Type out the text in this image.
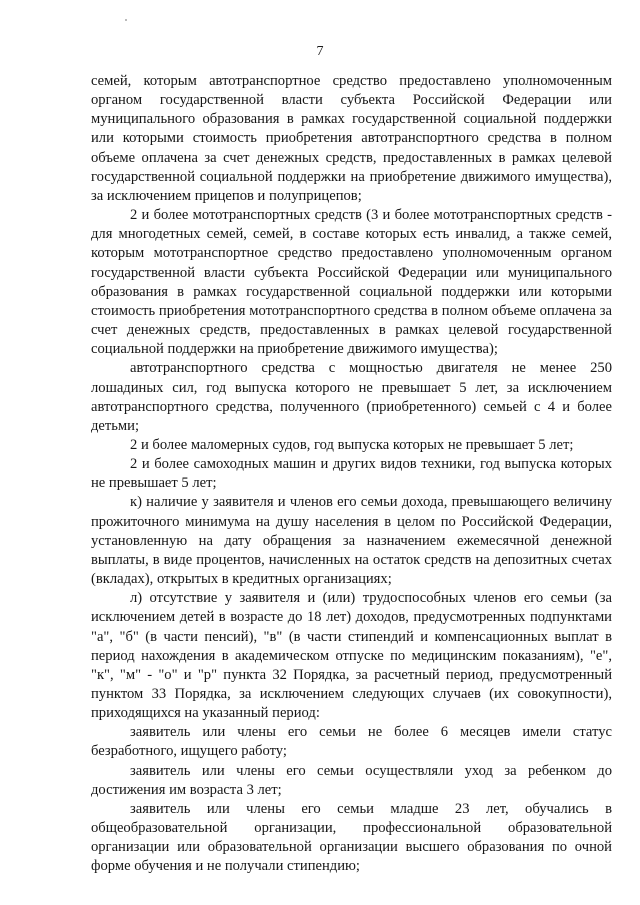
7

семей, которым автотранспортное средство предоставлено уполномоченным органом государственной власти субъекта Российской Федерации или муниципального образования в рамках государственной социальной поддержки или которыми стоимость приобретения автотранспортного средства в полном объеме оплачена за счет денежных средств, предоставленных в рамках целевой государственной социальной поддержки на приобретение движимого имущества), за исключением прицепов и полуприцепов;

2 и более мототранспортных средств (3 и более мототранспортных средств - для многодетных семей, семей, в составе которых есть инвалид, а также семей, которым мототранспортное средство предоставлено уполномоченным органом государственной власти субъекта Российской Федерации или муниципального образования в рамках государственной социальной поддержки или которыми стоимость приобретения мототранспортного средства в полном объеме оплачена за счет денежных средств, предоставленных в рамках целевой государственной социальной поддержки на приобретение движимого имущества);

автотранспортного средства с мощностью двигателя не менее 250 лошадиных сил, год выпуска которого не превышает 5 лет, за исключением автотранспортного средства, полученного (приобретенного) семьей с 4 и более детьми;

2 и более маломерных судов, год выпуска которых не превышает 5 лет;

2 и более самоходных машин и других видов техники, год выпуска которых не превышает 5 лет;

к) наличие у заявителя и членов его семьи дохода, превышающего величину прожиточного минимума на душу населения в целом по Российской Федерации, установленную на дату обращения за назначением ежемесячной денежной выплаты, в виде процентов, начисленных на остаток средств на депозитных счетах (вкладах), открытых в кредитных организациях;

л) отсутствие у заявителя и (или) трудоспособных членов его семьи (за исключением детей в возрасте до 18 лет) доходов, предусмотренных подпунктами "а", "б" (в части пенсий), "в" (в части стипендий и компенсационных выплат в период нахождения в академическом отпуске по медицинским показаниям), "е", "к", "м" - "о" и "р" пункта 32 Порядка, за расчетный период, предусмотренный пунктом 33 Порядка, за исключением следующих случаев (их совокупности), приходящихся на указанный период:

заявитель или члены его семьи не более 6 месяцев имели статус безработного, ищущего работу;

заявитель или члены его семьи осуществляли уход за ребенком до достижения им возраста 3 лет;

заявитель или члены его семьи младше 23 лет, обучались в общеобразовательной организации, профессиональной образовательной организации или образовательной организации высшего образования по очной форме обучения и не получали стипендию;
